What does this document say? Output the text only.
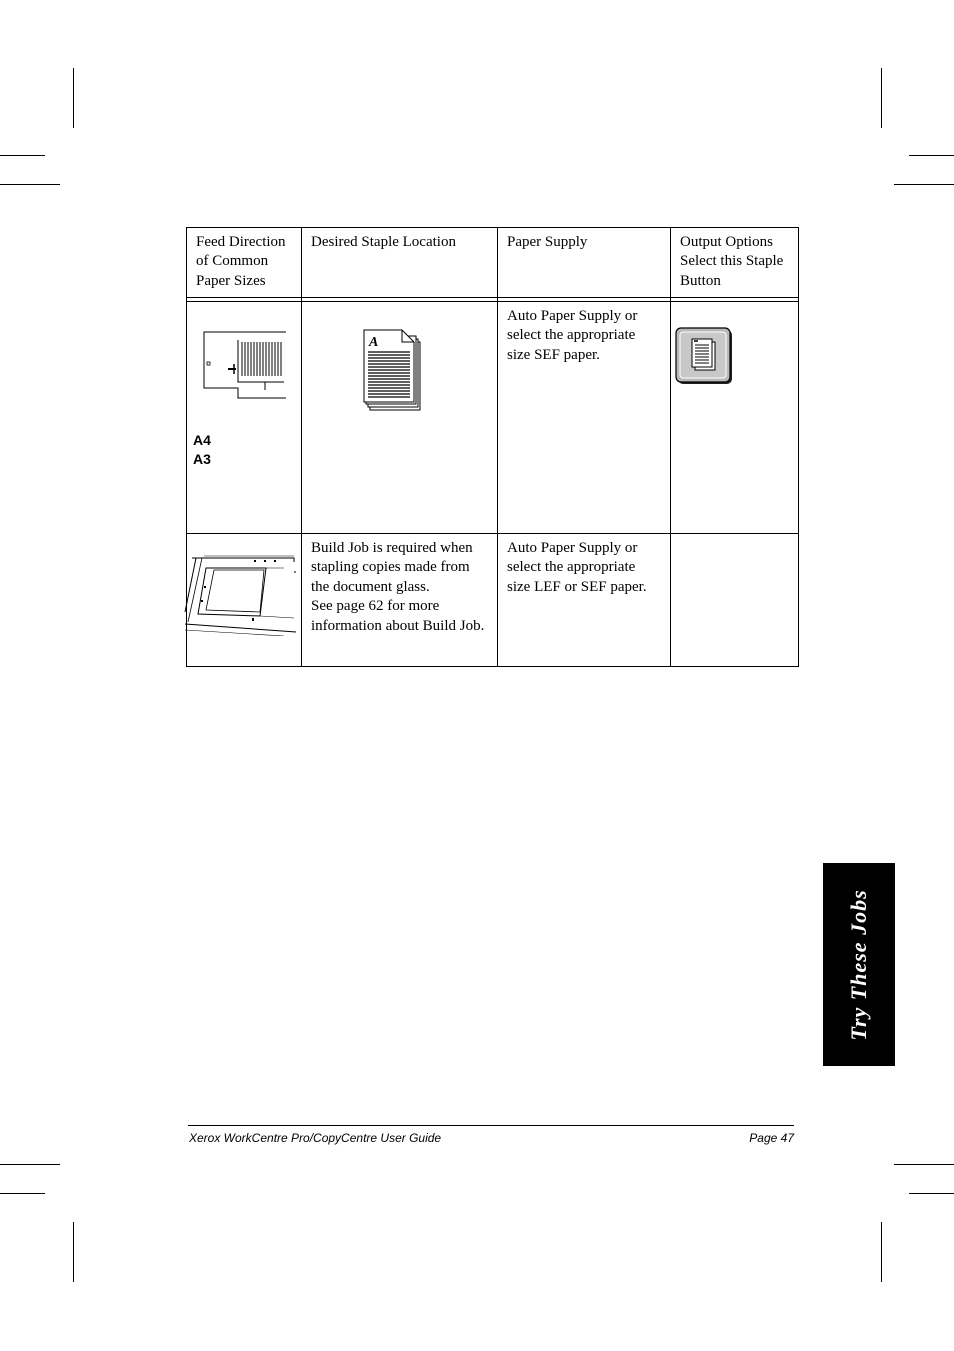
Feed Direction of Common Paper Sizes	Desired Staple Location	Paper Supply	Output Options Select this Staple Button

		Auto Paper Supply or select the appropriate size SEF paper.	
	Build Job is required when stapling copies made from the document glass.
See page 62 for more information about Build Job.	Auto Paper Supply or select the appropriate size LEF or SEF paper.	
A4
A3
A
Xerox WorkCentre Pro/CopyCentre User Guide	Page 47
Try These Jobs
